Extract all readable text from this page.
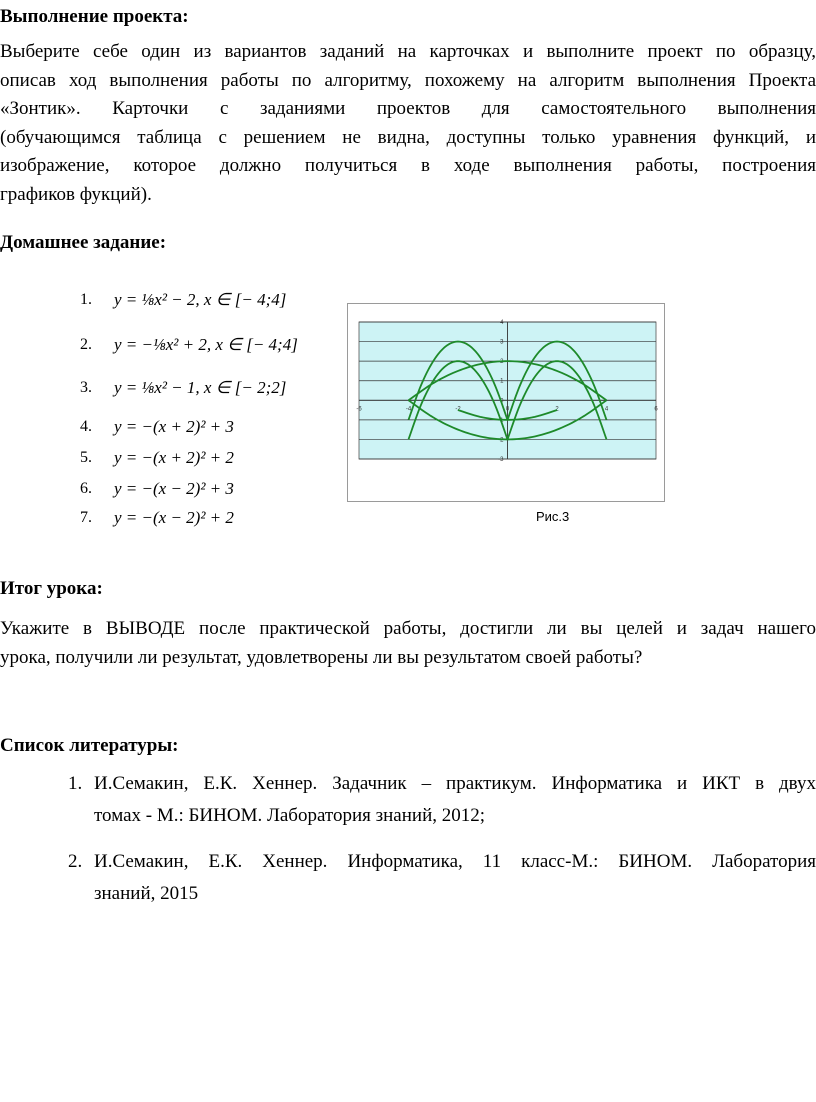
Выполнение проекта:
Выберите себе один из вариантов заданий на карточках и выполните проект по образцу,
описав ход выполнения работы по алгоритму, похожему на алгоритм выполнения Проекта
«Зонтик». Карточки с заданиями проектов для самостоятельного выполнения
(обучающимся таблица с решением не видна, доступны только уравнения функций, и
изображение, которое должно получиться в ходе выполнения работы, построения
графиков фукций).
Домашнее задание:
1.	y = ⅛x² − 2, x ∈ [− 4;4]
2.	y = −⅛x² + 2, x ∈ [− 4;4]
3.	y = ⅛x² − 1, x ∈ [− 2;2]
4.	y = −(x + 2)² + 3
5.	y = −(x + 2)² + 2
6.	y = −(x − 2)² + 3
7.	y = −(x − 2)² + 2
-6	-4	-2	0	2	4	6
4
3
2
1
0
-1
-2
-3
Рис.3
Итог урока:
Укажите в ВЫВОДЕ после практической работы, достигли ли вы целей и задач нашего
урока, получили ли результат, удовлетворены ли вы результатом своей работы?
Список литературы:
1. И.Семакин, Е.К. Хеннер. Задачник – практикум. Информатика и ИКТ в двух
томах - М.: БИНОМ. Лаборатория знаний, 2012;
2. И.Семакин, Е.К. Хеннер. Информатика, 11 класс-М.: БИНОМ. Лаборатория
знаний, 2015
